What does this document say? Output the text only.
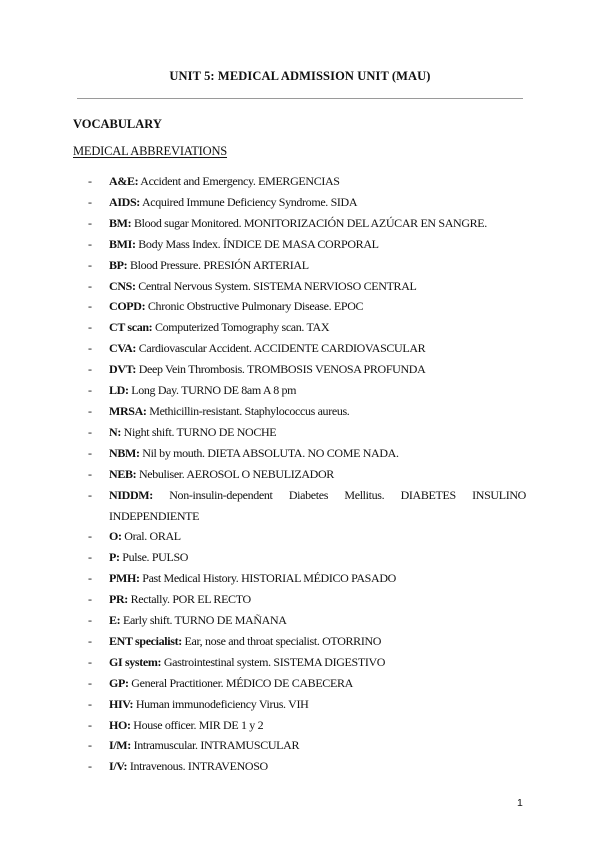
UNIT 5: MEDICAL ADMISSION UNIT (MAU)
VOCABULARY
MEDICAL ABBREVIATIONS
- A&E: Accident and Emergency. EMERGENCIAS
- AIDS: Acquired Immune Deficiency Syndrome. SIDA
- BM: Blood sugar Monitored. MONITORIZACIÓN DEL AZÚCAR EN SANGRE.
- BMI: Body Mass Index. ÍNDICE DE MASA CORPORAL
- BP: Blood Pressure. PRESIÓN ARTERIAL
- CNS: Central Nervous System. SISTEMA NERVIOSO CENTRAL
- COPD: Chronic Obstructive Pulmonary Disease. EPOC
- CT scan: Computerized Tomography scan. TAX
- CVA: Cardiovascular Accident. ACCIDENTE CARDIOVASCULAR
- DVT: Deep Vein Thrombosis. TROMBOSIS VENOSA PROFUNDA
- LD: Long Day. TURNO DE 8am A 8 pm
- MRSA: Methicillin-resistant. Staphylococcus aureus.
- N: Night shift. TURNO DE NOCHE
- NBM: Nil by mouth. DIETA ABSOLUTA. NO COME NADA.
- NEB: Nebuliser. AEROSOL O NEBULIZADOR
- NIDDM: Non-insulin-dependent Diabetes Mellitus. DIABETES INSULINO INDEPENDIENTE
- O: Oral. ORAL
- P: Pulse. PULSO
- PMH: Past Medical History. HISTORIAL MÉDICO PASADO
- PR: Rectally. POR EL RECTO
- E: Early shift. TURNO DE MAÑANA
- ENT specialist: Ear, nose and throat specialist. OTORRINO
- GI system: Gastrointestinal system. SISTEMA DIGESTIVO
- GP: General Practitioner. MÉDICO DE CABECERA
- HIV: Human immunodeficiency Virus. VIH
- HO: House officer. MIR DE 1 y 2
- I/M: Intramuscular. INTRAMUSCULAR
- I/V: Intravenous. INTRAVENOSO
1
